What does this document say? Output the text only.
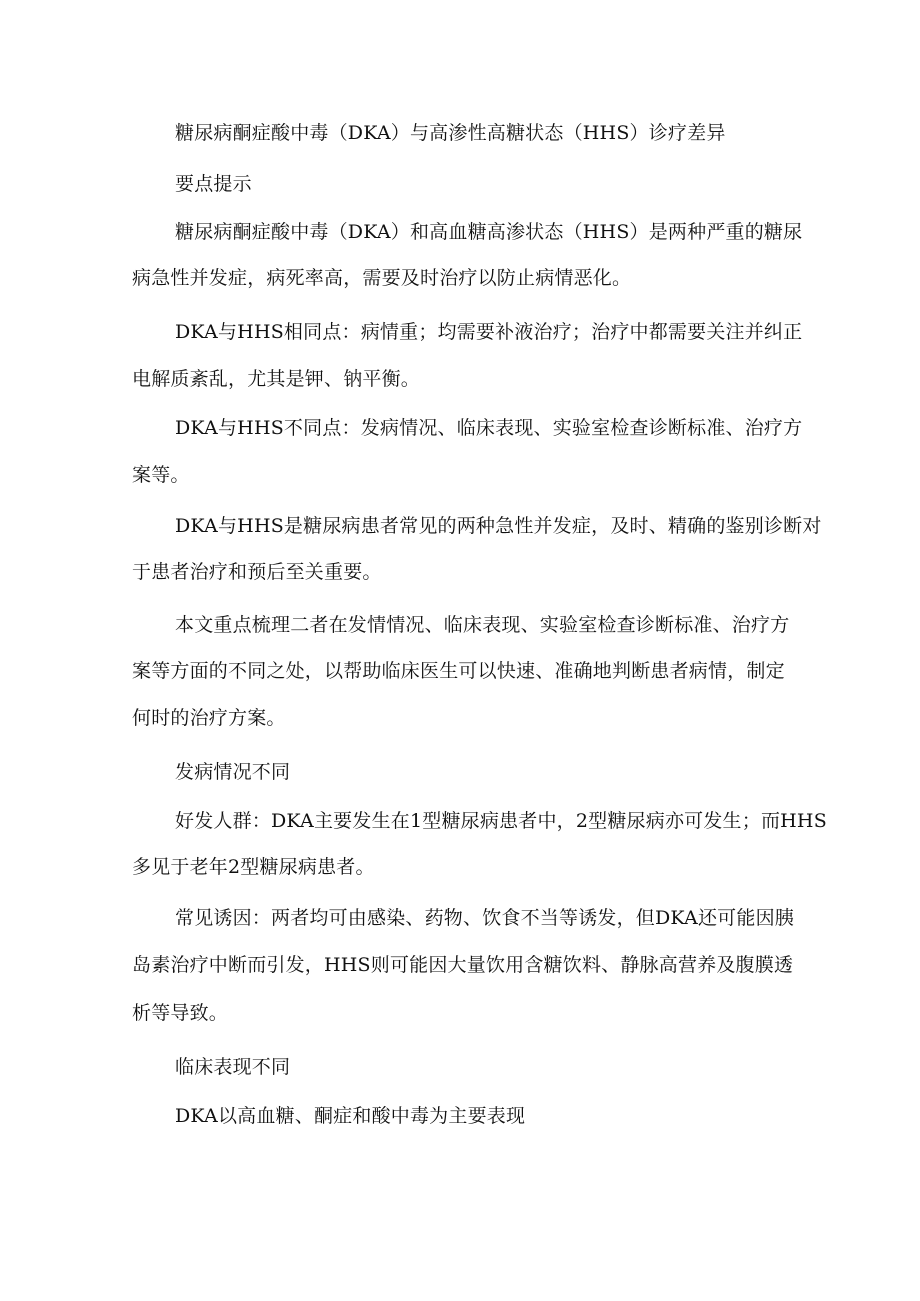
糖尿病酮症酸中毒（DKA）与高渗性高糖状态（HHS）诊疗差异
要点提示
糖尿病酮症酸中毒（DKA）和高血糖高渗状态（HHS）是两种严重的糖尿
病急性并发症，病死率高，需要及时治疗以防止病情恶化。
DKA与HHS相同点：病情重；均需要补液治疗；治疗中都需要关注并纠正
电解质紊乱，尤其是钾、钠平衡。
DKA与HHS不同点：发病情况、临床表现、实验室检查诊断标准、治疗方
案等。
DKA与HHS是糖尿病患者常见的两种急性并发症，及时、精确的鉴别诊断对
于患者治疗和预后至关重要。
本文重点梳理二者在发情情况、临床表现、实验室检查诊断标准、治疗方
案等方面的不同之处，以帮助临床医生可以快速、准确地判断患者病情，制定
何时的治疗方案。
发病情况不同
好发人群：DKA主要发生在1型糖尿病患者中，2型糖尿病亦可发生；而HHS
多见于老年2型糖尿病患者。
常见诱因：两者均可由感染、药物、饮食不当等诱发，但DKA还可能因胰
岛素治疗中断而引发，HHS则可能因大量饮用含糖饮料、静脉高营养及腹膜透
析等导致。
临床表现不同
DKA以高血糖、酮症和酸中毒为主要表现
